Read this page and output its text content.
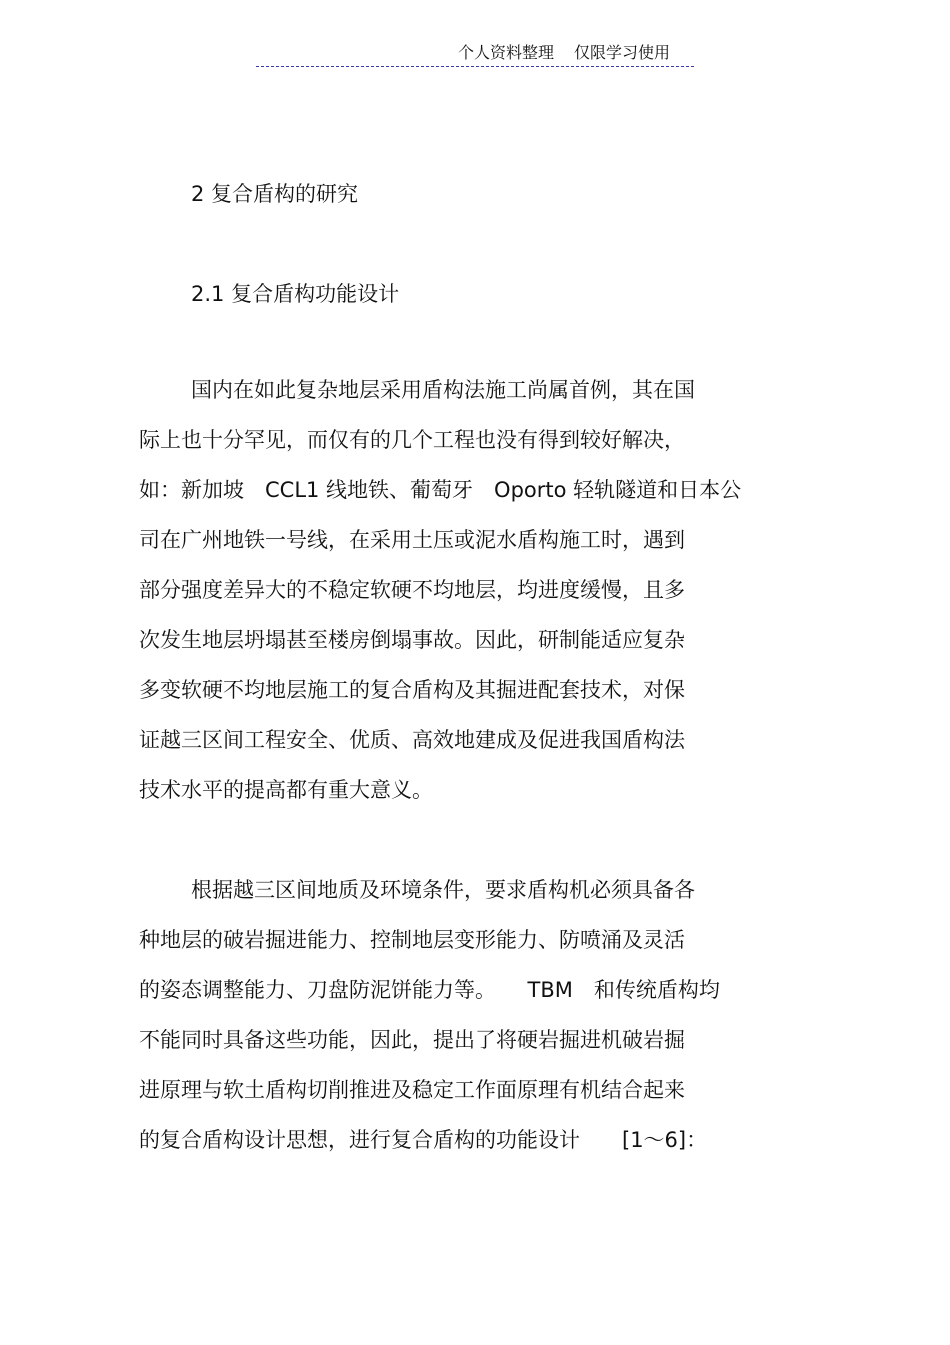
个人资料整理 仅限学习使用
2 复合盾构的研究
2.1 复合盾构功能设计
国内在如此复杂地层采用盾构法施工尚属首例，其在国
际上也十分罕见，而仅有的几个工程也没有得到较好解决，
如：新加坡　CCL1 线地铁、葡萄牙　Oporto 轻轨隧道和日本公
司在广州地铁一号线，在采用土压或泥水盾构施工时，遇到
部分强度差异大的不稳定软硬不均地层，均进度缓慢，且多
次发生地层坍塌甚至楼房倒塌事故。因此，研制能适应复杂
多变软硬不均地层施工的复合盾构及其掘进配套技术，对保
证越三区间工程安全、优质、高效地建成及促进我国盾构法
技术水平的提高都有重大意义。
根据越三区间地质及环境条件，要求盾构机必须具备各
种地层的破岩掘进能力、控制地层变形能力、防喷涌及灵活
的姿态调整能力、刀盘防泥饼能力等。　　TBM　和传统盾构均
不能同时具备这些功能，因此，提出了将硬岩掘进机破岩掘
进原理与软土盾构切削推进及稳定工作面原理有机结合起来
的复合盾构设计思想，进行复合盾构的功能设计　　[1～6]：
